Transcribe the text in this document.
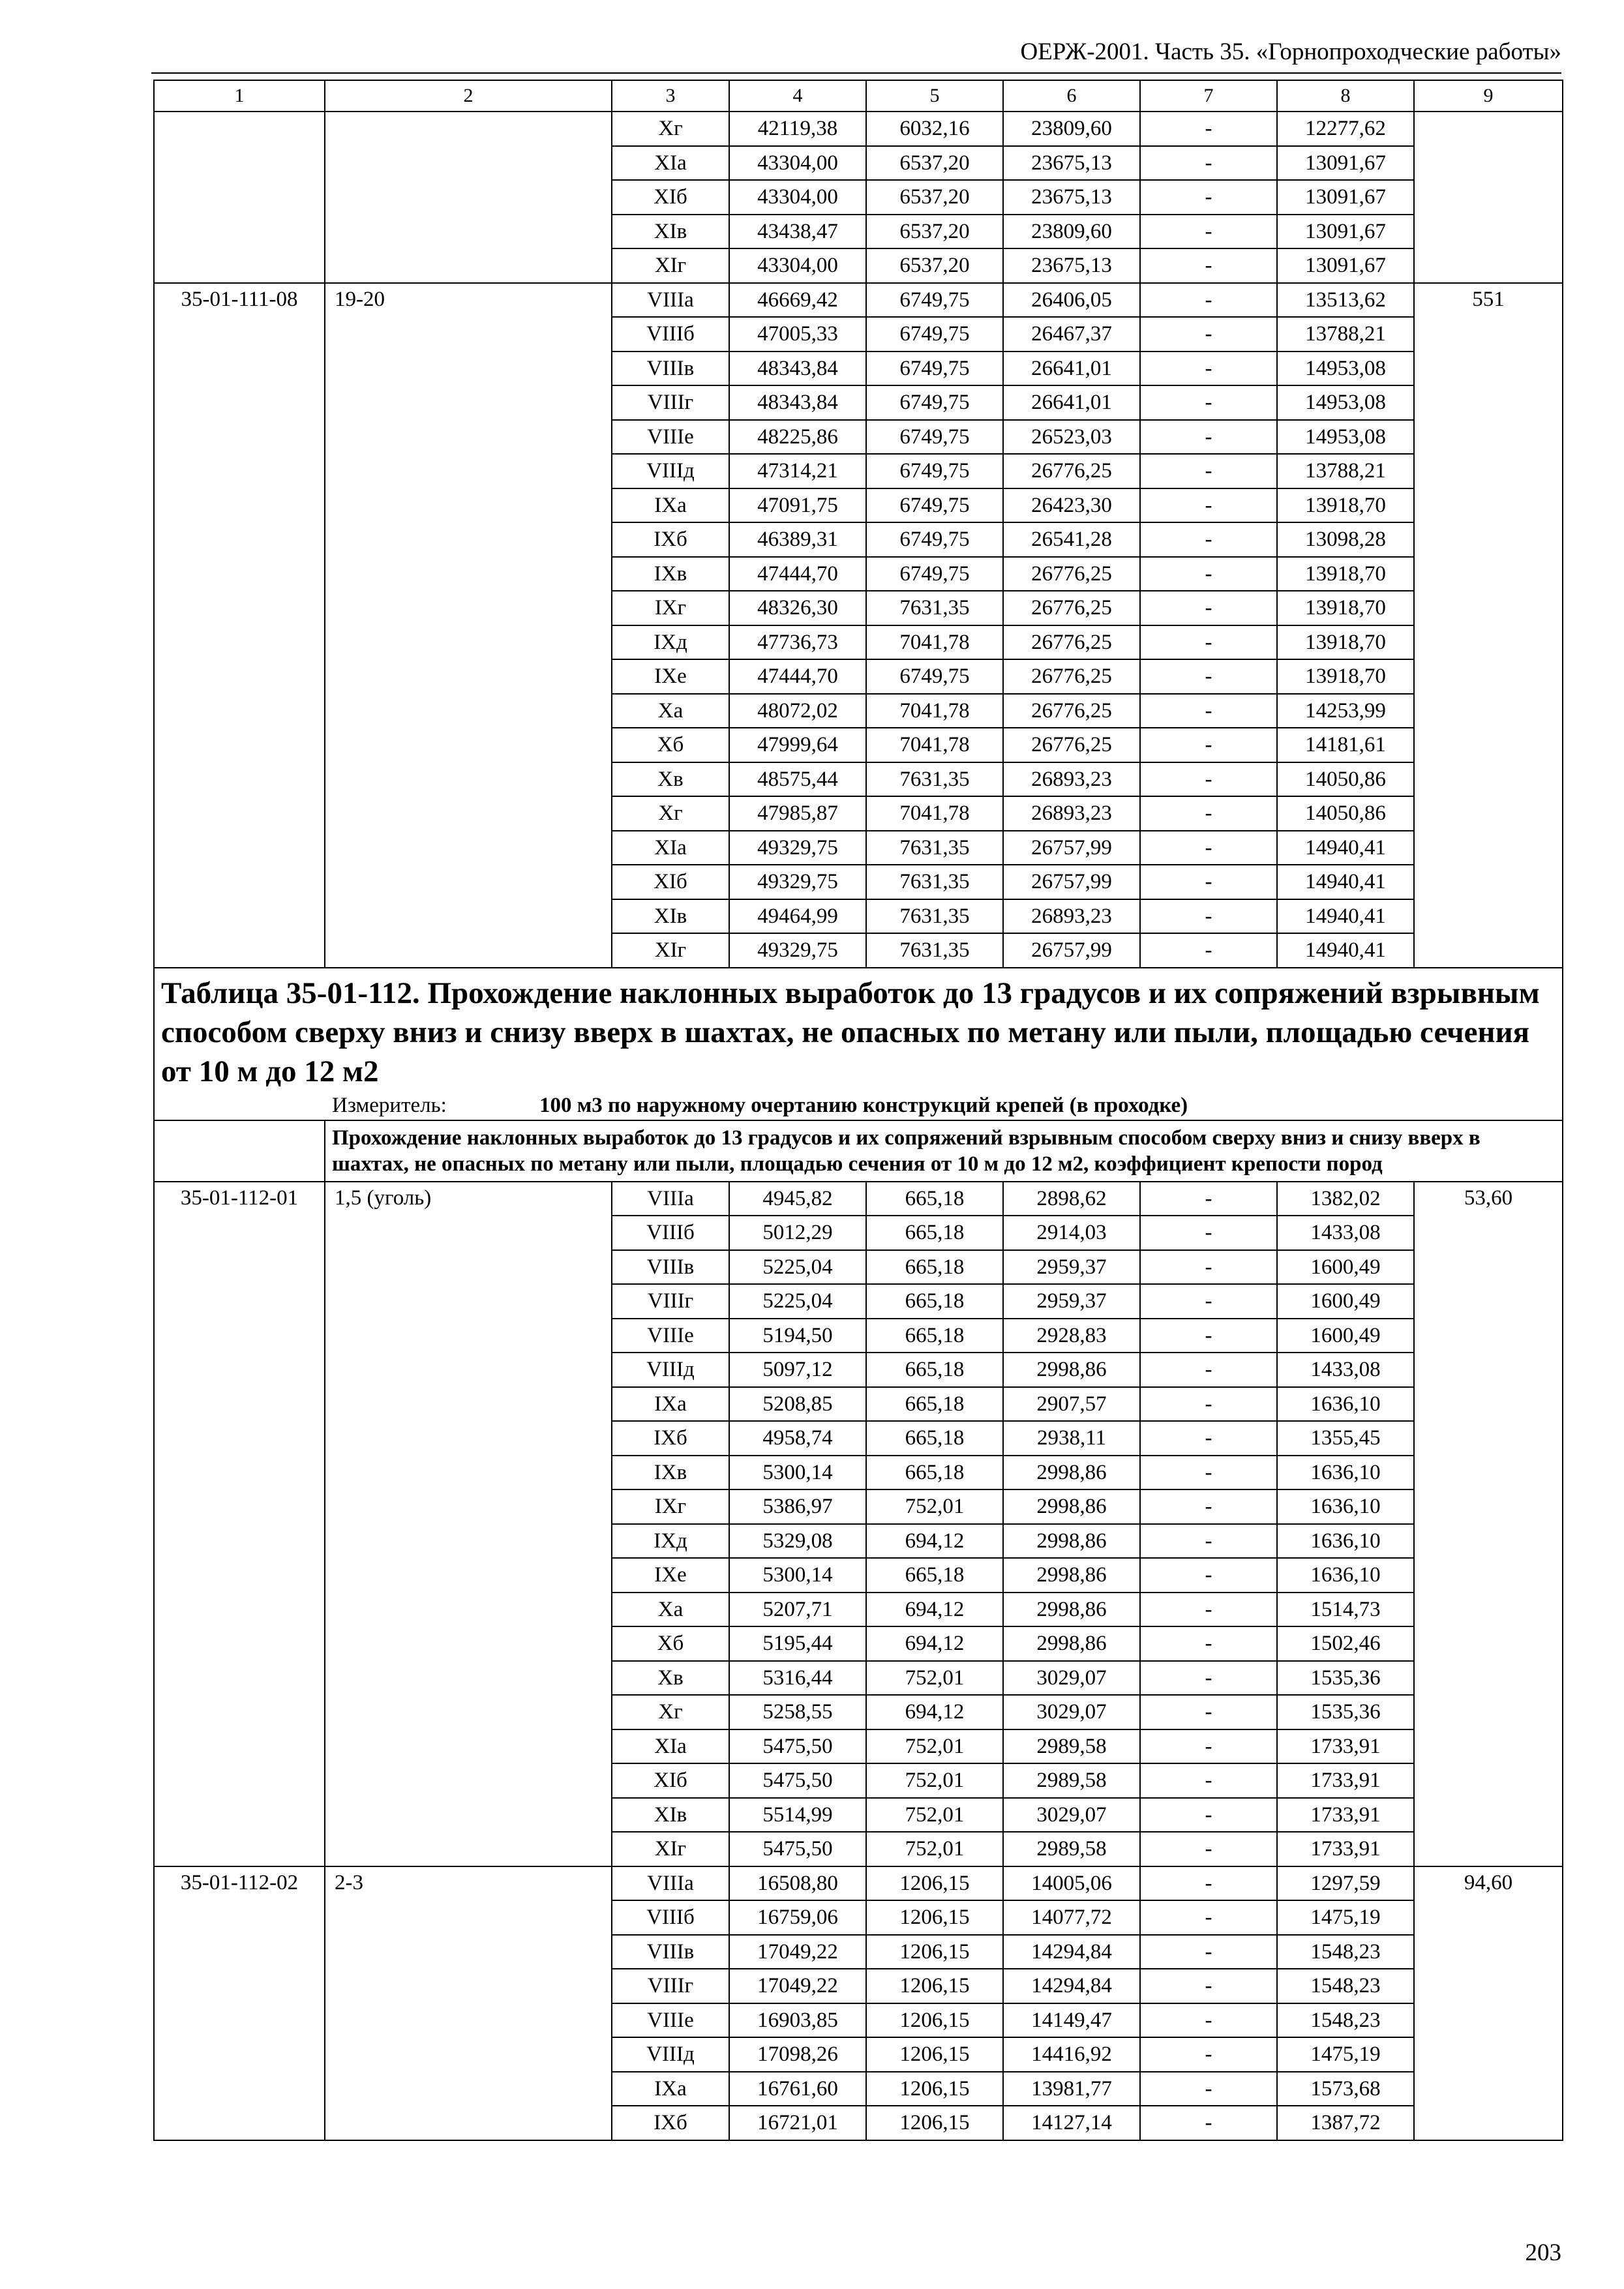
ОЕРЖ-2001. Часть 35. «Горнопроходческие работы»
1	2	3	4	5	6	7	8	9
		Xг	42119,38	6032,16	23809,60	-	12277,62	
		XIа	43304,00	6537,20	23675,13	-	13091,67	
		XIб	43304,00	6537,20	23675,13	-	13091,67	
		XIв	43438,47	6537,20	23809,60	-	13091,67	
		XIг	43304,00	6537,20	23675,13	-	13091,67	
35-01-111-08	19-20	VIIIа	46669,42	6749,75	26406,05	-	13513,62	551
		VIIIб	47005,33	6749,75	26467,37	-	13788,21	
		VIIIв	48343,84	6749,75	26641,01	-	14953,08	
		VIIIг	48343,84	6749,75	26641,01	-	14953,08	
		VIIIе	48225,86	6749,75	26523,03	-	14953,08	
		VIIIд	47314,21	6749,75	26776,25	-	13788,21	
		IXа	47091,75	6749,75	26423,30	-	13918,70	
		IXб	46389,31	6749,75	26541,28	-	13098,28	
		IXв	47444,70	6749,75	26776,25	-	13918,70	
		IXг	48326,30	7631,35	26776,25	-	13918,70	
		IXд	47736,73	7041,78	26776,25	-	13918,70	
		IXе	47444,70	6749,75	26776,25	-	13918,70	
		Xа	48072,02	7041,78	26776,25	-	14253,99	
		Xб	47999,64	7041,78	26776,25	-	14181,61	
		Xв	48575,44	7631,35	26893,23	-	14050,86	
		Xг	47985,87	7041,78	26893,23	-	14050,86	
		XIа	49329,75	7631,35	26757,99	-	14940,41	
		XIб	49329,75	7631,35	26757,99	-	14940,41	
		XIв	49464,99	7631,35	26893,23	-	14940,41	
		XIг	49329,75	7631,35	26757,99	-	14940,41	
Таблица 35-01-112. Прохождение наклонных выработок до 13 градусов и их сопряжений взрывным способом сверху вниз и снизу вверх в шахтах, не опасных по метану или пыли, площадью сечения от 10 м до 12 м2								
Измеритель: 100 м3 по наружному очертанию конструкций крепей (в проходке)								
	Прохождение наклонных выработок до 13 градусов и их сопряжений взрывным способом сверху вниз и снизу вверх в шахтах, не опасных по метану или пыли, площадью сечения от 10 м до 12 м2, коэффициент крепости пород							
35-01-112-01	1,5 (уголь)	VIIIа	4945,82	665,18	2898,62	-	1382,02	53,60
		VIIIб	5012,29	665,18	2914,03	-	1433,08	
		VIIIв	5225,04	665,18	2959,37	-	1600,49	
		VIIIг	5225,04	665,18	2959,37	-	1600,49	
		VIIIе	5194,50	665,18	2928,83	-	1600,49	
		VIIIд	5097,12	665,18	2998,86	-	1433,08	
		IXа	5208,85	665,18	2907,57	-	1636,10	
		IXб	4958,74	665,18	2938,11	-	1355,45	
		IXв	5300,14	665,18	2998,86	-	1636,10	
		IXг	5386,97	752,01	2998,86	-	1636,10	
		IXд	5329,08	694,12	2998,86	-	1636,10	
		IXе	5300,14	665,18	2998,86	-	1636,10	
		Xа	5207,71	694,12	2998,86	-	1514,73	
		Xб	5195,44	694,12	2998,86	-	1502,46	
		Xв	5316,44	752,01	3029,07	-	1535,36	
		Xг	5258,55	694,12	3029,07	-	1535,36	
		XIа	5475,50	752,01	2989,58	-	1733,91	
		XIб	5475,50	752,01	2989,58	-	1733,91	
		XIв	5514,99	752,01	3029,07	-	1733,91	
		XIг	5475,50	752,01	2989,58	-	1733,91	
35-01-112-02	2-3	VIIIа	16508,80	1206,15	14005,06	-	1297,59	94,60
		VIIIб	16759,06	1206,15	14077,72	-	1475,19	
		VIIIв	17049,22	1206,15	14294,84	-	1548,23	
		VIIIг	17049,22	1206,15	14294,84	-	1548,23	
		VIIIе	16903,85	1206,15	14149,47	-	1548,23	
		VIIIд	17098,26	1206,15	14416,92	-	1475,19	
		IXа	16761,60	1206,15	13981,77	-	1573,68	
		IXб	16721,01	1206,15	14127,14	-	1387,72	
203
